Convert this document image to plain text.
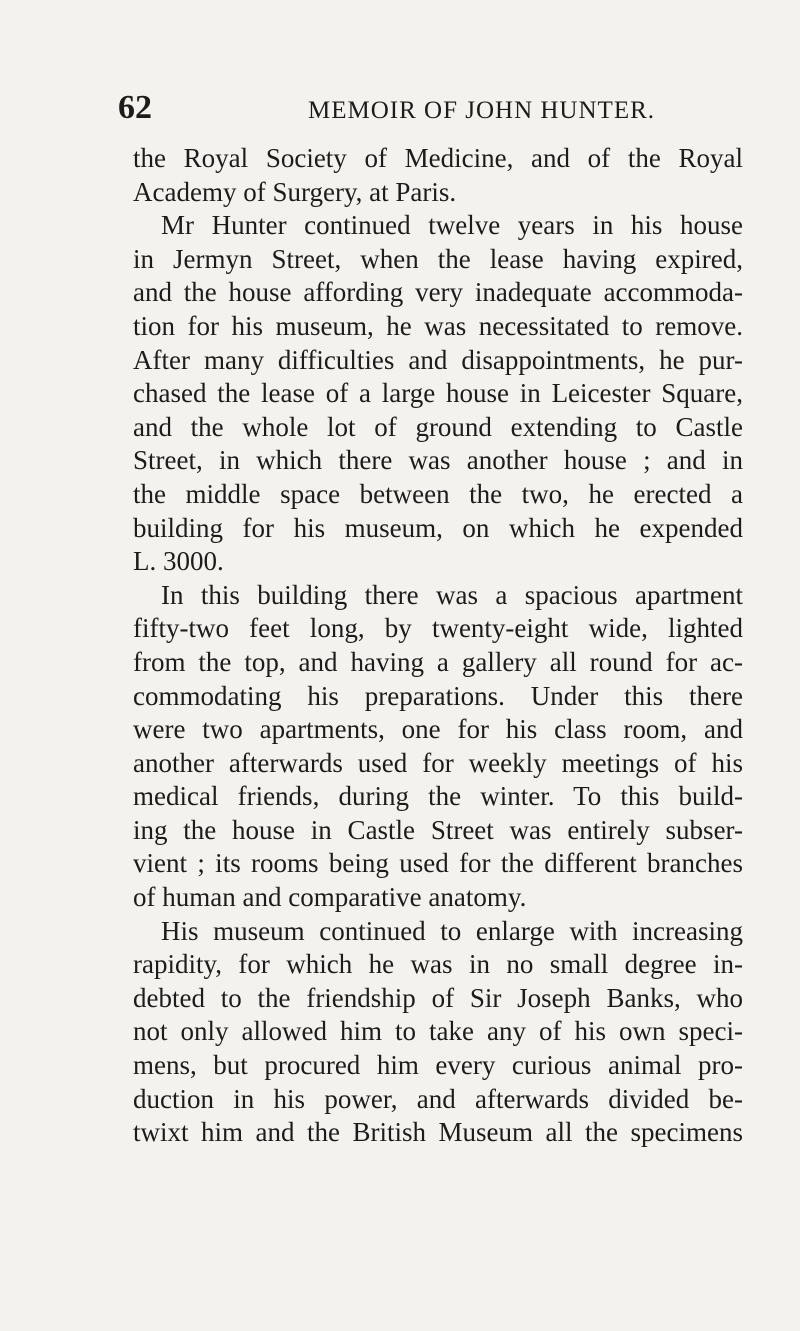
62	MEMOIR OF JOHN HUNTER.
the Royal Society of Medicine, and of the Royal
Academy of Surgery, at Paris.
Mr Hunter continued twelve years in his house
in Jermyn Street, when the lease having expired,
and the house affording very inadequate accommoda-
tion for his museum, he was necessitated to remove.
After many difficulties and disappointments, he pur-
chased the lease of a large house in Leicester Square,
and the whole lot of ground extending to Castle
Street, in which there was another house ; and in
the middle space between the two, he erected a
building for his museum, on which he expended
L. 3000.
In this building there was a spacious apartment
fifty-two feet long, by twenty-eight wide, lighted
from the top, and having a gallery all round for ac-
commodating his preparations. Under this there
were two apartments, one for his class room, and
another afterwards used for weekly meetings of his
medical friends, during the winter. To this build-
ing the house in Castle Street was entirely subser-
vient ; its rooms being used for the different branches
of human and comparative anatomy.
His museum continued to enlarge with increasing
rapidity, for which he was in no small degree in-
debted to the friendship of Sir Joseph Banks, who
not only allowed him to take any of his own speci-
mens, but procured him every curious animal pro-
duction in his power, and afterwards divided be-
twixt him and the British Museum all the specimens
